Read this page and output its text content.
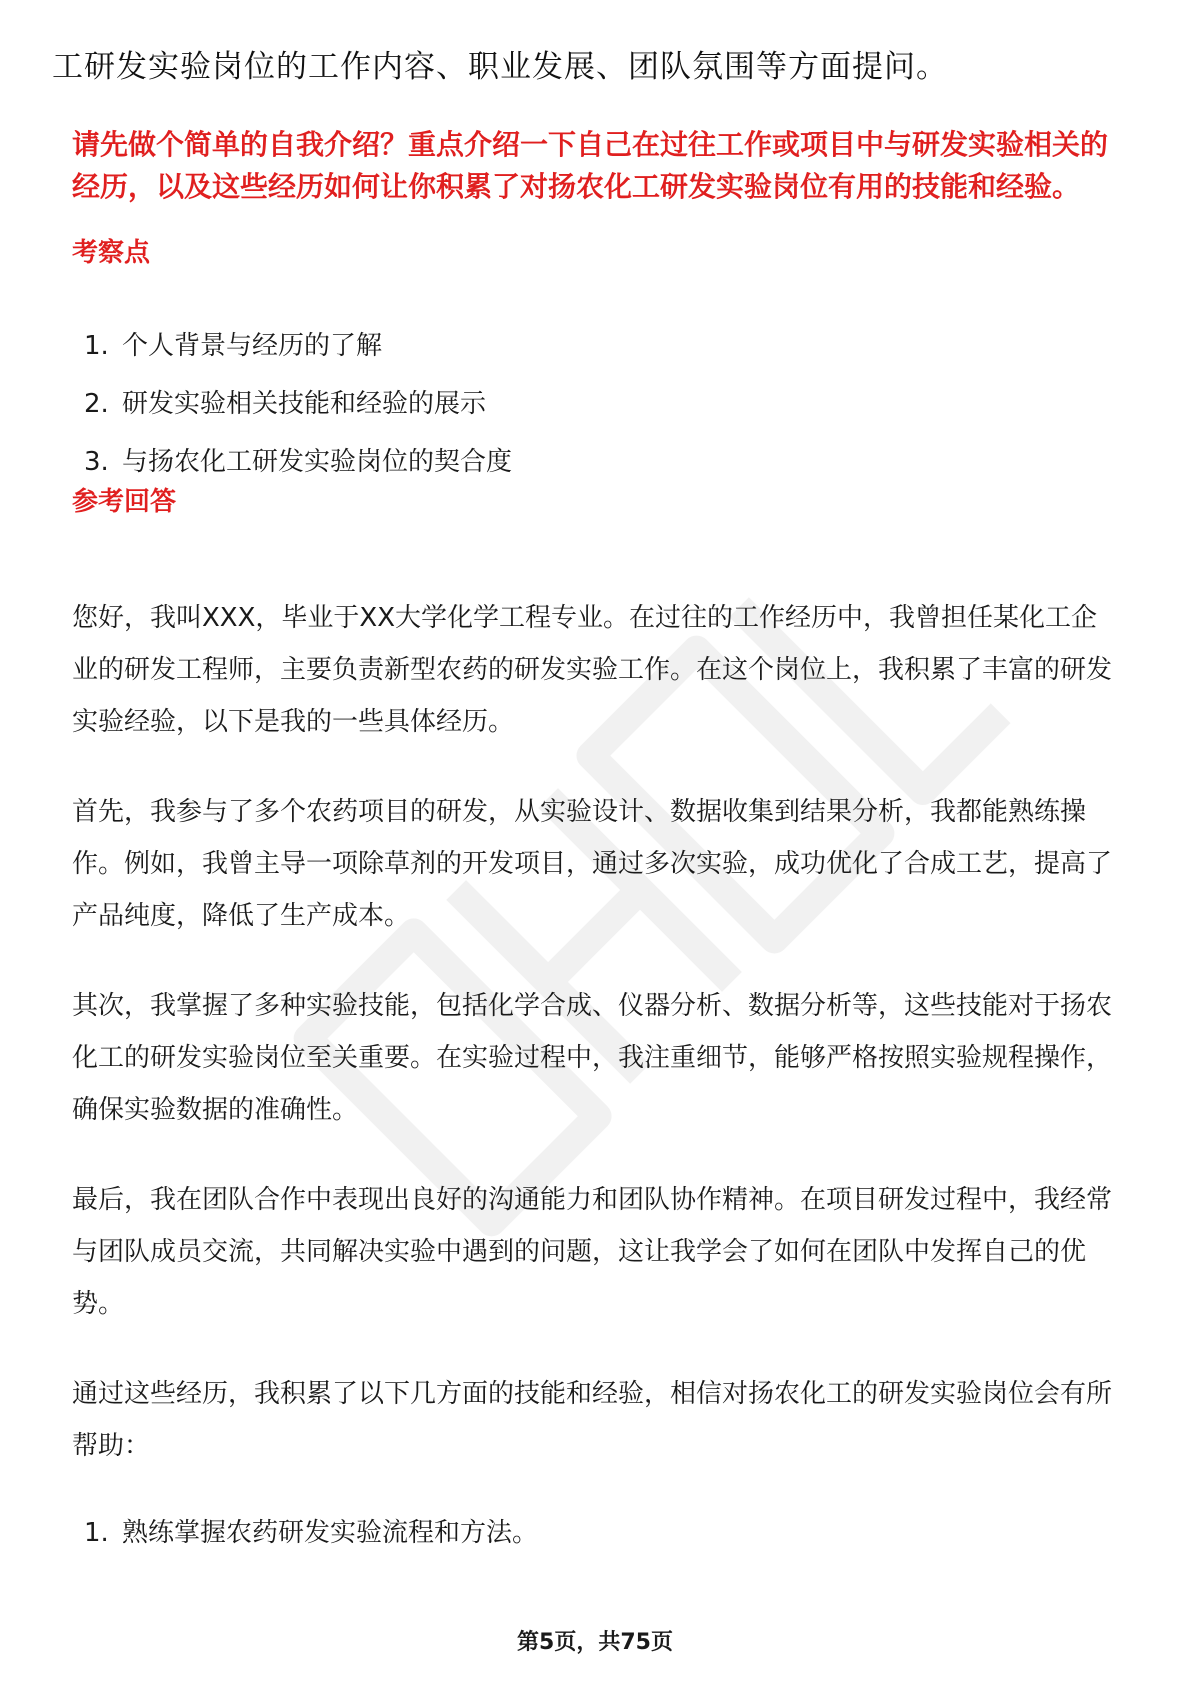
工研发实验岗位的工作内容、职业发展、团队氛围等方面提问。
请先做个简单的自我介绍？重点介绍一下自己在过往工作或项目中与研发实验相关的经历，以及这些经历如何让你积累了对扬农化工研发实验岗位有用的技能和经验。
考察点
1. 个人背景与经历的了解
2. 研发实验相关技能和经验的展示
3. 与扬农化工研发实验岗位的契合度
参考回答

您好，我叫XXX，毕业于XX大学化学工程专业。在过往的工作经历中，我曾担任某化工企业的研发工程师，主要负责新型农药的研发实验工作。在这个岗位上，我积累了丰富的研发实验经验，以下是我的一些具体经历。

首先，我参与了多个农药项目的研发，从实验设计、数据收集到结果分析，我都能熟练操作。例如，我曾主导一项除草剂的开发项目，通过多次实验，成功优化了合成工艺，提高了产品纯度，降低了生产成本。

其次，我掌握了多种实验技能，包括化学合成、仪器分析、数据分析等，这些技能对于扬农化工的研发实验岗位至关重要。在实验过程中，我注重细节，能够严格按照实验规程操作，确保实验数据的准确性。

最后，我在团队合作中表现出良好的沟通能力和团队协作精神。在项目研发过程中，我经常与团队成员交流，共同解决实验中遇到的问题，这让我学会了如何在团队中发挥自己的优势。

通过这些经历，我积累了以下几方面的技能和经验，相信对扬农化工的研发实验岗位会有所帮助：

1. 熟练掌握农药研发实验流程和方法。
第5页，共75页
